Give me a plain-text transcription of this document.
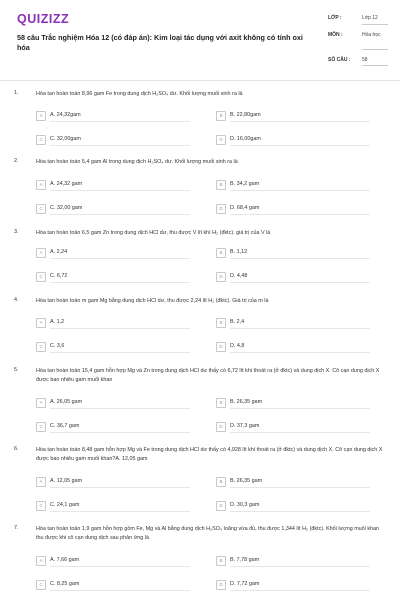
QUIZIZZ
58 câu Trắc nghiệm Hóa 12 (có đáp án): Kim loại tác dụng với axit không có tính oxi hóa
LỚP :	Lớp 12
MÔN :	Hóa học
SỐ CÂU : 58
1.	Hòa tan hoàn toàn 8,96 gam Fe trong dung dịch H₂SO₄ dư. Khối lượng muối sinh ra là
A	A. 24,32gam	B	B. 22,80gam
C	C. 32,00gam	D	D. 16,00gam
2.	Hòa tan hoàn toàn 5,4 gam Al trong dung dịch H₂SO₄ dư. Khối lượng muối sinh ra là
A	A. 24,32 gam	B	B. 34,2 gam
C	C. 32,00 gam	D	D. 68,4 gam
3.	Hòa tan hoàn toàn 6,5 gam Zn trong dung dịch HCl dư, thu được V lít khí H₂ (đktc). giá trị của V là
A	A. 2,24	B	B. 1,12
C	C. 6,72	D	D. 4,48
4.	Hòa tan hoàn toàn m gam Mg bằng dung dịch HCl dư, thu được 2,24 lít H₂ (đktc). Giá trị của m là
A	A. 1,2	B	B. 2,4
C	C. 3,6	D	D. 4,8
5.	Hòa tan hoàn toàn 15,4 gam hỗn hợp Mg và Zn trong dung dịch HCl dư thấy có 6,72 lít khí thoát ra (ở đktc) và dung dịch X. Cô cạn dung dịch X được bao nhiêu gam muối khan
A	A. 26,05 gam	B	B. 26,35 gam
C	C. 36,7 gam	D	D. 37,3 gam
6.	Hòa tan hoàn toàn 8,48 gam hỗn hợp Mg và Fe trong dung dịch HCl dư thấy có 4,928 lít khí thoát ra (ở đktc) và dung dịch X. Cô cạn dung dịch X được bao nhiêu gam muối khan?A. 12,05 gam
A	A. 12,05 gam	B	B. 26,35 gam
C	C. 24,1 gam	D	D. 30,3 gam
7.	Hòa tan hoàn toàn 1,9 gam hỗn hợp gồm Fe, Mg và Al bằng dung dịch H₂SO₄ loãng vừa đủ, thu được 1,344 lít H₂ (đktc). Khối lượng muối khan thu được khi cô cạn dung dịch sau phản ứng là
A	A. 7,66 gam	B	B. 7,78 gam
C	C. 8,25 gam	D	D. 7,72 gam
